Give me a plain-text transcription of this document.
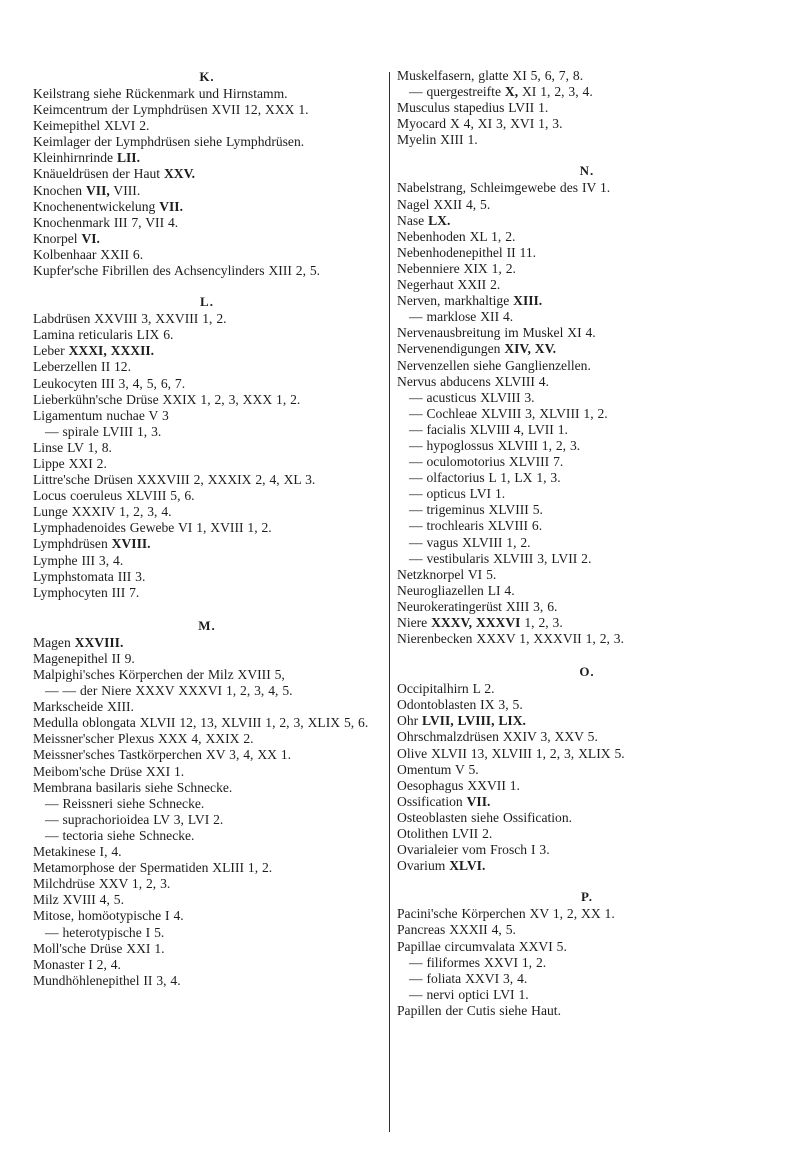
K.
Keilstrang siehe Rückenmark und Hirnstamm.
Keimcentrum der Lymphdrüsen XVII 12, XXX 1.
Keimepithel XLVI 2.
Keimlager der Lymphdrüsen siehe Lymphdrüsen.
Kleinhirnrinde LII.
Knäueldrüsen der Haut XXV.
Knochen VII, VIII.
Knochenentwickelung VII.
Knochenmark III 7, VII 4.
Knorpel VI.
Kolbenhaar XXII 6.
Kupfer'sche Fibrillen des Achsencylinders XIII 2, 5.
L.
Labdrüsen XXVIII 3, XXVIII 1, 2.
Lamina reticularis LIX 6.
Leber XXXI, XXXII.
Leberzellen II 12.
Leukocyten III 3, 4, 5, 6, 7.
Lieberkühn'sche Drüse XXIX 1, 2, 3, XXX 1, 2.
Ligamentum nuchae V 3
— spirale LVIII 1, 3.
Linse LV 1, 8.
Lippe XXI 2.
Littre'sche Drüsen XXXVIII 2, XXXIX 2, 4, XL 3.
Locus coeruleus XLVIII 5, 6.
Lunge XXXIV 1, 2, 3, 4.
Lymphadenoides Gewebe VI 1, XVIII 1, 2.
Lymphdrüsen XVIII.
Lymphe III 3, 4.
Lymphstomata III 3.
Lymphocyten III 7.
M.
Magen XXVIII.
Magenepithel II 9.
Malpighi'sches Körperchen der Milz XVIII 5,
— — der Niere XXXV XXXVI 1, 2, 3, 4, 5.
Markscheide XIII.
Medulla oblongata XLVII 12, 13, XLVIII 1, 2, 3, XLIX 5, 6.
Meissner'scher Plexus XXX 4, XXIX 2.
Meissner'sches Tastkörperchen XV 3, 4, XX 1.
Meibom'sche Drüse XXI 1.
Membrana basilaris siehe Schnecke.
— Reissneri siehe Schnecke.
— suprachorioidea LV 3, LVI 2.
— tectoria siehe Schnecke.
Metakinese I, 4.
Metamorphose der Spermatiden XLIII 1, 2.
Milchdrüse XXV 1, 2, 3.
Milz XVIII 4, 5.
Mitose, homöotypische I 4.
— heterotypische I 5.
Moll'sche Drüse XXI 1.
Monaster I 2, 4.
Mundhöhlenepithel II 3, 4.
Muskelfasern, glatte XI 5, 6, 7, 8.
— quergestreifte X, XI 1, 2, 3, 4.
Musculus stapedius LVII 1.
Myocard X 4, XI 3, XVI 1, 3.
Myelin XIII 1.
N.
Nabelstrang, Schleimgewebe des IV 1.
Nagel XXII 4, 5.
Nase LX.
Nebenhoden XL 1, 2.
Nebenhodenepithel II 11.
Nebenniere XIX 1, 2.
Negerhaut XXII 2.
Nerven, markhaltige XIII.
— marklose XII 4.
Nervenausbreitung im Muskel XI 4.
Nervenendigungen XIV, XV.
Nervenzellen siehe Ganglienzellen.
Nervus abducens XLVIII 4.
— acusticus XLVIII 3.
— Cochleae XLVIII 3, XLVIII 1, 2.
— facialis XLVIII 4, LVII 1.
— hypoglossus XLVIII 1, 2, 3.
— oculomotorius XLVIII 7.
— olfactorius L 1, LX 1, 3.
— opticus LVI 1.
— trigeminus XLVIII 5.
— trochlearis XLVIII 6.
— vagus XLVIII 1, 2.
— vestibularis XLVIII 3, LVII 2.
Netzknorpel VI 5.
Neurogliazellen LI 4.
Neurokeratingerüst XIII 3, 6.
Niere XXXV, XXXVI 1, 2, 3.
Nierenbecken XXXV 1, XXXVII 1, 2, 3.
O.
Occipitalhirn L 2.
Odontoblasten IX 3, 5.
Ohr LVII, LVIII, LIX.
Ohrschmalzdrüsen XXIV 3, XXV 5.
Olive XLVII 13, XLVIII 1, 2, 3, XLIX 5.
Omentum V 5.
Oesophagus XXVII 1.
Ossification VII.
Osteoblasten siehe Ossification.
Otolithen LVII 2.
Ovarialeier vom Frosch I 3.
Ovarium XLVI.
P.
Pacini'sche Körperchen XV 1, 2, XX 1.
Pancreas XXXII 4, 5.
Papillae circumvalata XXVI 5.
— filiformes XXVI 1, 2.
— foliata XXVI 3, 4.
— nervi optici LVI 1.
Papillen der Cutis siehe Haut.
